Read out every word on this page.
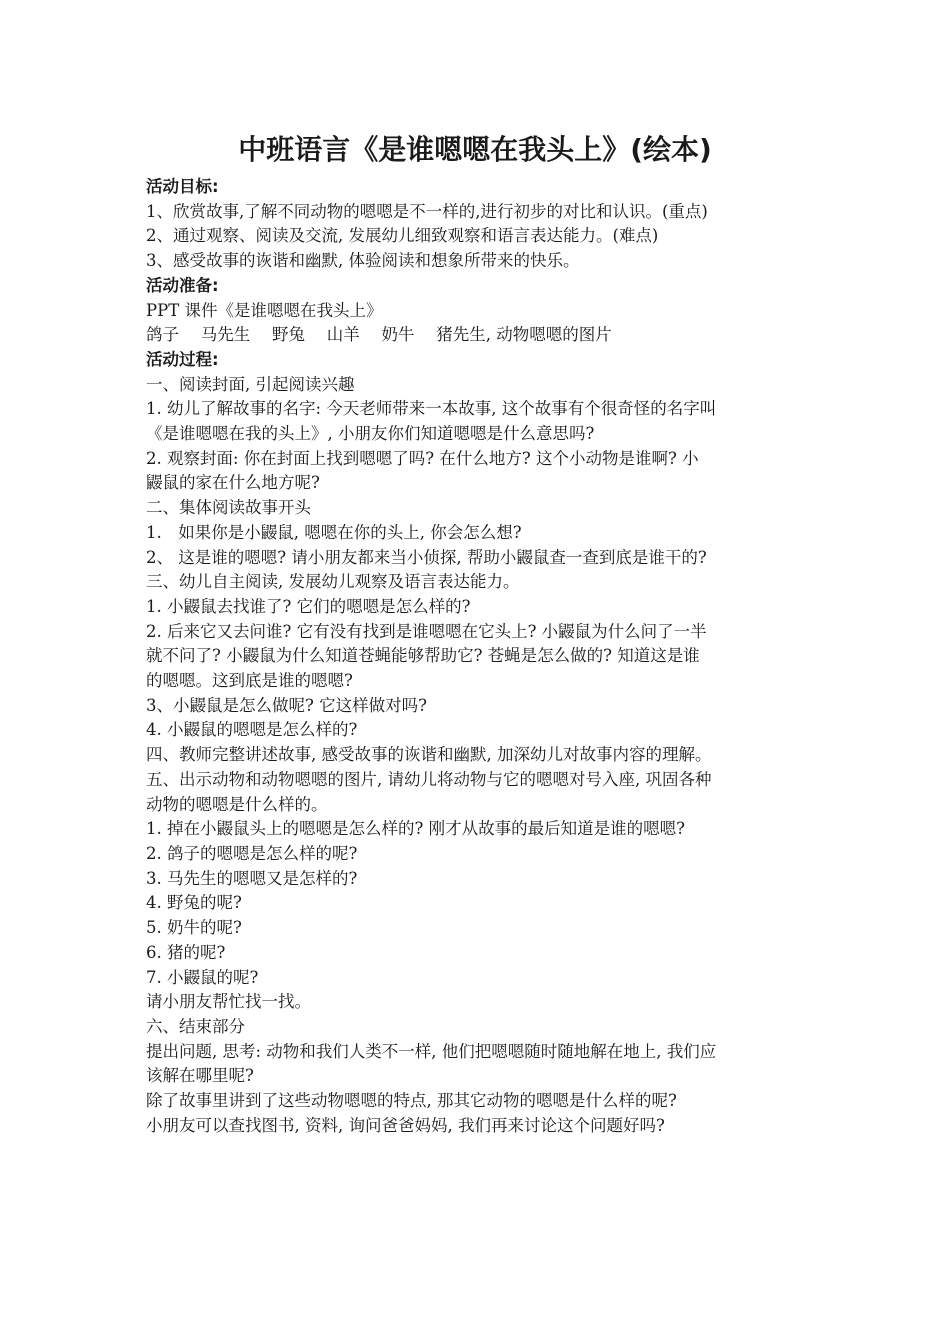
中班语言《是谁嗯嗯在我头上》(绘本)
活动目标:
1、欣赏故事,了解不同动物的嗯嗯是不一样的,进行初步的对比和认识。(重点)
2、通过观察、阅读及交流, 发展幼儿细致观察和语言表达能力。(难点)
3、感受故事的诙谐和幽默, 体验阅读和想象所带来的快乐。
活动准备:
PPT 课件《是谁嗯嗯在我头上》
鸽子　 马先生　 野兔　 山羊　 奶牛　 猪先生, 动物嗯嗯的图片
活动过程:
一、阅读封面, 引起阅读兴趣
1. 幼儿了解故事的名字: 今天老师带来一本故事, 这个故事有个很奇怪的名字叫
《是谁嗯嗯在我的头上》, 小朋友你们知道嗯嗯是什么意思吗?
2. 观察封面: 你在封面上找到嗯嗯了吗? 在什么地方? 这个小动物是谁啊? 小
鼹鼠的家在什么地方呢?
二、集体阅读故事开头
1.　如果你是小鼹鼠, 嗯嗯在你的头上, 你会怎么想?
2、 这是谁的嗯嗯? 请小朋友都来当小侦探, 帮助小鼹鼠查一查到底是谁干的?
三、幼儿自主阅读, 发展幼儿观察及语言表达能力。
1. 小鼹鼠去找谁了? 它们的嗯嗯是怎么样的?
2. 后来它又去问谁? 它有没有找到是谁嗯嗯在它头上? 小鼹鼠为什么问了一半
就不问了? 小鼹鼠为什么知道苍蝇能够帮助它? 苍蝇是怎么做的? 知道这是谁
的嗯嗯。这到底是谁的嗯嗯?
3、小鼹鼠是怎么做呢? 它这样做对吗?
4. 小鼹鼠的嗯嗯是怎么样的?
四、教师完整讲述故事, 感受故事的诙谐和幽默, 加深幼儿对故事内容的理解。
五、出示动物和动物嗯嗯的图片, 请幼儿将动物与它的嗯嗯对号入座, 巩固各种
动物的嗯嗯是什么样的。
1. 掉在小鼹鼠头上的嗯嗯是怎么样的? 刚才从故事的最后知道是谁的嗯嗯?
2. 鸽子的嗯嗯是怎么样的呢?
3. 马先生的嗯嗯又是怎样的?
4. 野兔的呢?
5. 奶牛的呢?
6. 猪的呢?
7. 小鼹鼠的呢?
请小朋友帮忙找一找。
六、结束部分
提出问题, 思考: 动物和我们人类不一样, 他们把嗯嗯随时随地解在地上, 我们应
该解在哪里呢?
除了故事里讲到了这些动物嗯嗯的特点, 那其它动物的嗯嗯是什么样的呢?
小朋友可以查找图书, 资料, 询问爸爸妈妈, 我们再来讨论这个问题好吗?
